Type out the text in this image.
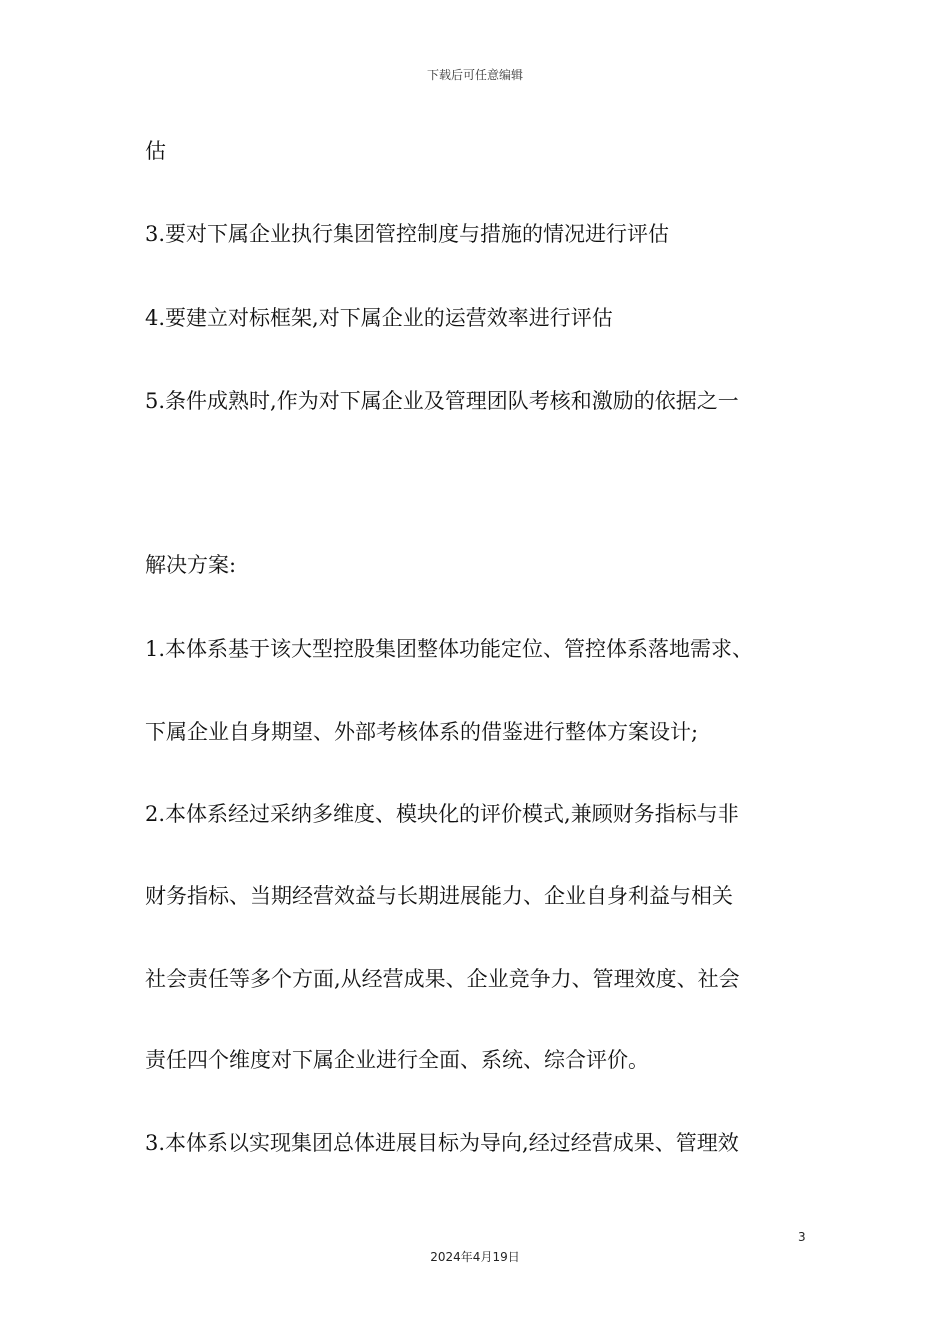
下载后可任意编辑
估
3.要对下属企业执行集团管控制度与措施的情况进行评估
4.要建立对标框架,对下属企业的运营效率进行评估
5.条件成熟时,作为对下属企业及管理团队考核和激励的依据之一
解决方案:
1.本体系基于该大型控股集团整体功能定位、管控体系落地需求、
下属企业自身期望、外部考核体系的借鉴进行整体方案设计;
2.本体系经过采纳多维度、模块化的评价模式,兼顾财务指标与非
财务指标、当期经营效益与长期进展能力、企业自身利益与相关
社会责任等多个方面,从经营成果、企业竞争力、管理效度、社会
责任四个维度对下属企业进行全面、系统、综合评价。
3.本体系以实现集团总体进展目标为导向,经过经营成果、管理效
3
2024年4月19日
